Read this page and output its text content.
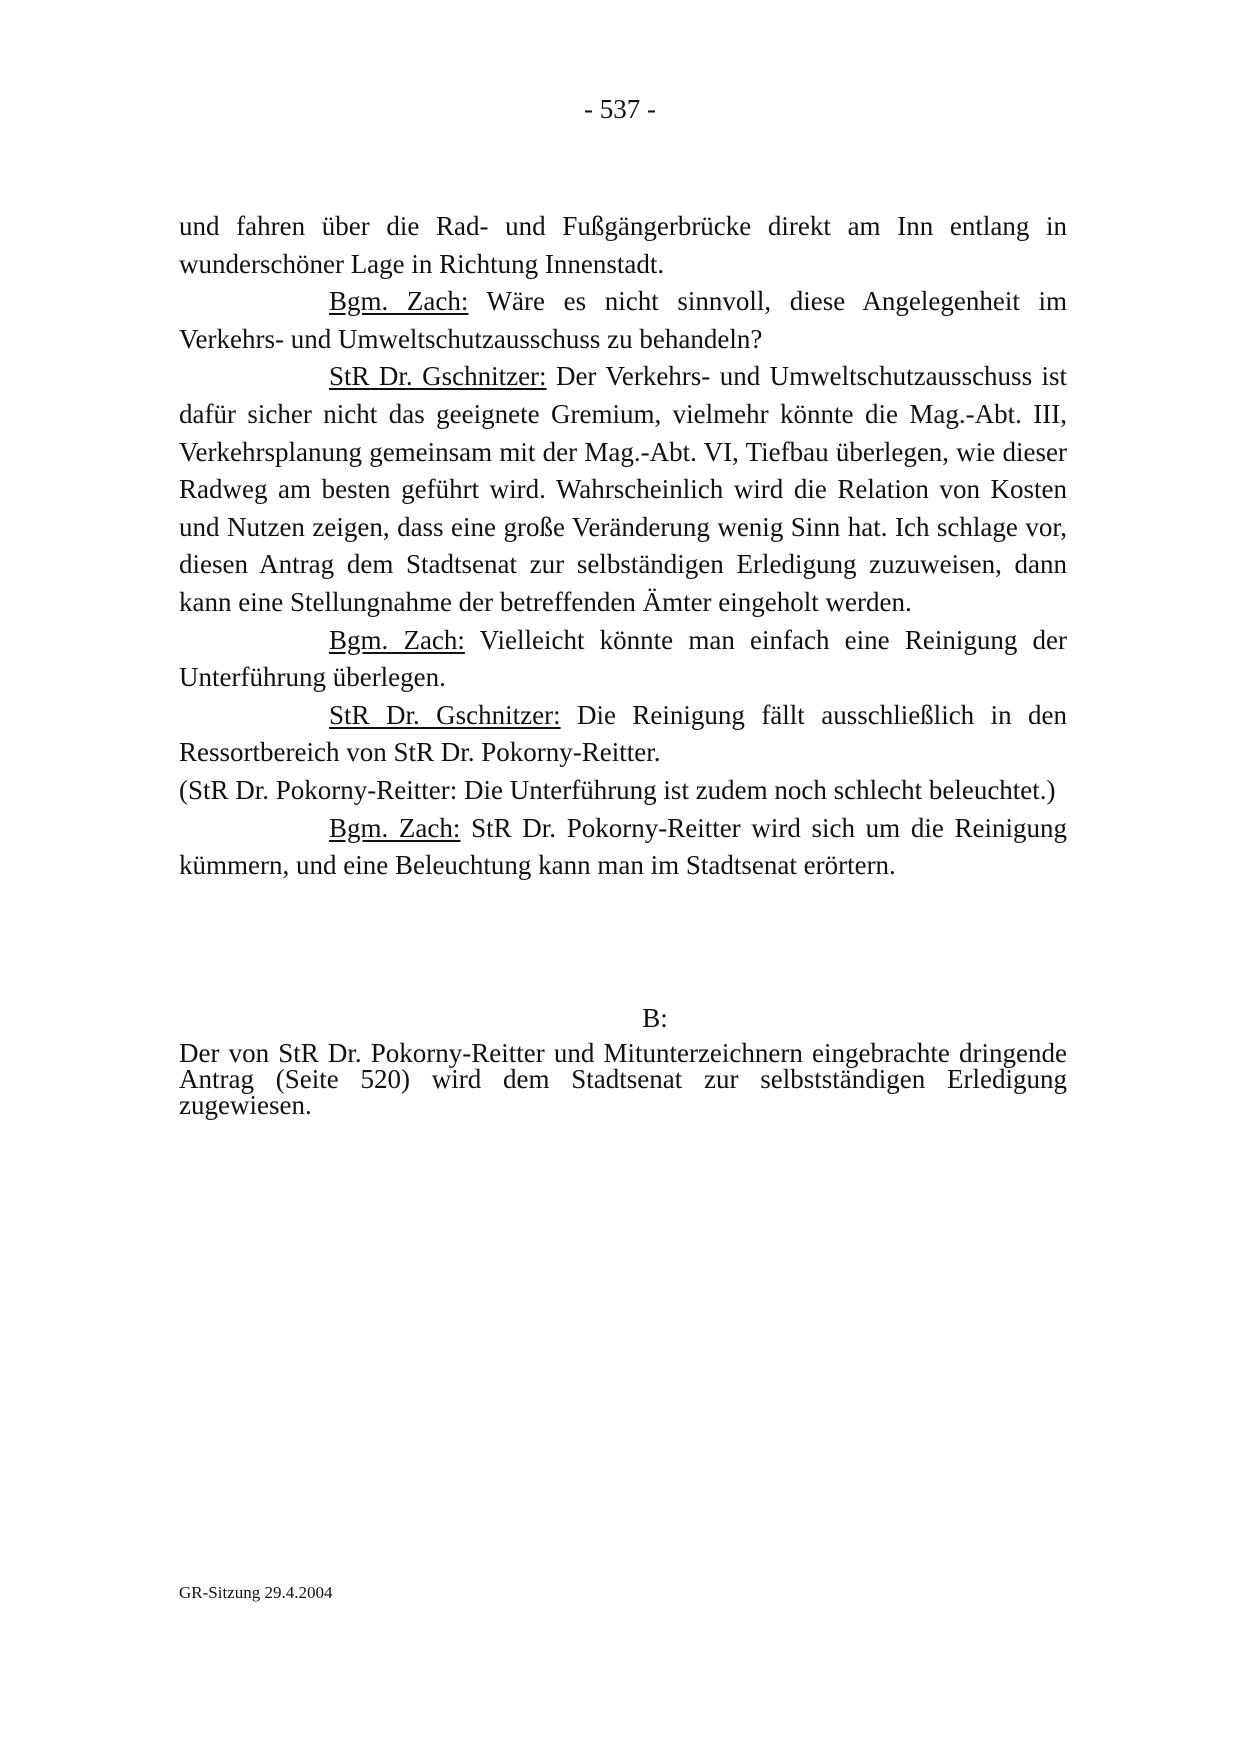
- 537 -

und fahren über die Rad- und Fußgängerbrücke direkt am Inn entlang in wunderschöner Lage in Richtung Innenstadt.

Bgm. Zach: Wäre es nicht sinnvoll, diese Angelegenheit im Verkehrs- und Umweltschutzausschuss zu behandeln?

StR Dr. Gschnitzer: Der Verkehrs- und Umweltschutzausschuss ist dafür sicher nicht das geeignete Gremium, vielmehr könnte die Mag.-Abt. III, Verkehrsplanung gemeinsam mit der Mag.-Abt. VI, Tiefbau überlegen, wie dieser Radweg am besten geführt wird. Wahrscheinlich wird die Relation von Kosten und Nutzen zeigen, dass eine große Veränderung wenig Sinn hat. Ich schlage vor, diesen Antrag dem Stadtsenat zur selbständigen Erledigung zuzuweisen, dann kann eine Stellungnahme der betreffenden Ämter eingeholt werden.

Bgm. Zach: Vielleicht könnte man einfach eine Reinigung der Unterführung überlegen.

StR Dr. Gschnitzer: Die Reinigung fällt ausschließlich in den Ressortbereich von StR Dr. Pokorny-Reitter.

(StR Dr. Pokorny-Reitter: Die Unterführung ist zudem noch schlecht beleuchtet.)

Bgm. Zach: StR Dr. Pokorny-Reitter wird sich um die Reinigung kümmern, und eine Beleuchtung kann man im Stadtsenat erörtern.

B:

Der von StR Dr. Pokorny-Reitter und Mitunterzeichnern eingebrachte dringende Antrag (Seite 520) wird dem Stadtsenat zur selbstständigen Erledigung zugewiesen.

GR-Sitzung 29.4.2004
